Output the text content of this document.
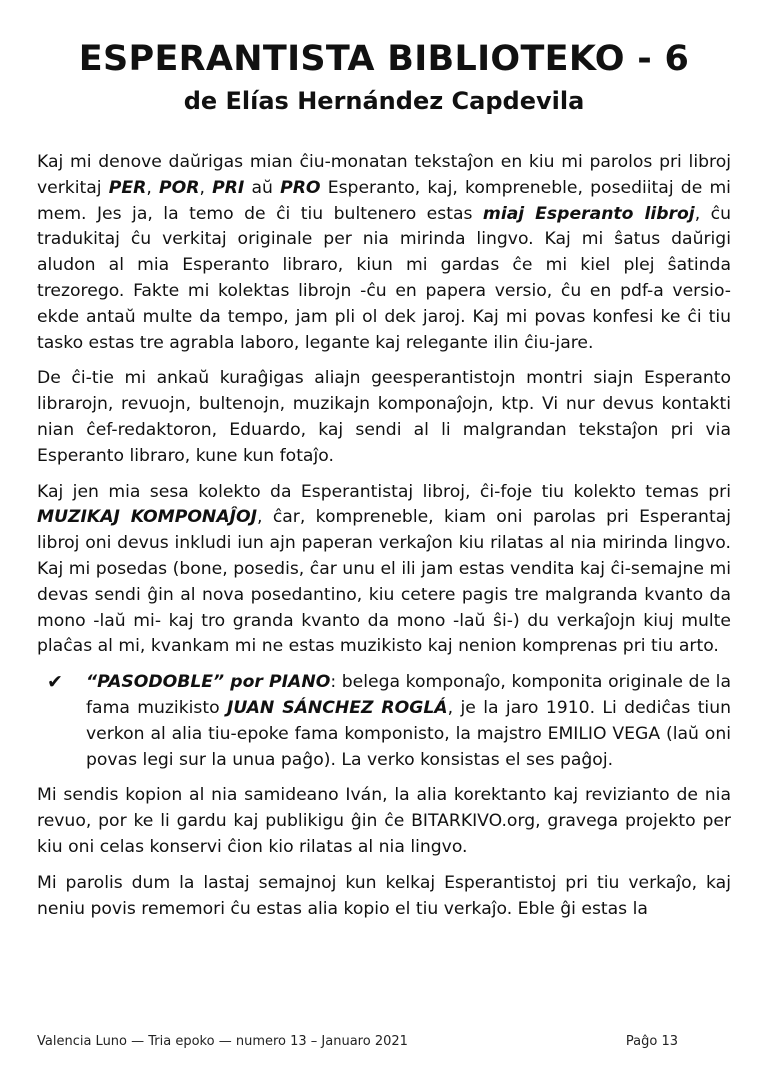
ESPERANTISTA BIBLIOTEKO - 6
de Elías Hernández Capdevila

Kaj mi denove daŭrigas mian ĉiu-monatan tekstaĵon en kiu mi parolos pri libroj verkitaj PER, POR, PRI aŭ PRO Esperanto, kaj, kompreneble, posediitaj de mi mem. Jes ja, la temo de ĉi tiu bultenero estas miaj Esperanto libroj, ĉu tradukitaj ĉu verkitaj originale per nia mirinda lingvo. Kaj mi ŝatus daŭrigi aludon al mia Esperanto libraro, kiun mi gardas ĉe mi kiel plej ŝatinda trezorego. Fakte mi kolektas librojn -ĉu en papera versio, ĉu en pdf-a versio- ekde antaŭ multe da tempo, jam pli ol dek jaroj. Kaj mi povas konfesi ke ĉi tiu tasko estas tre agrabla laboro, legante kaj relegante ilin ĉiu-jare.

De ĉi-tie mi ankaŭ kuraĝigas aliajn geesperantistojn montri siajn Esperanto librarojn, revuojn, bultenojn, muzikajn komponaĵojn, ktp. Vi nur devus kontakti nian ĉef-redaktoron, Eduardo, kaj sendi al li malgrandan tekstaĵon pri via Esperanto libraro, kune kun fotaĵo.

Kaj jen mia sesa kolekto da Esperantistaj libroj, ĉi-foje tiu kolekto temas pri MUZIKAJ KOMPONAĴOJ, ĉar, kompreneble, kiam oni parolas pri Esperantaj libroj oni devus inkludi iun ajn paperan verkaĵon kiu rilatas al nia mirinda lingvo. Kaj mi posedas (bone, posedis, ĉar unu el ili jam estas vendita kaj ĉi-semajne mi devas sendi ĝin al nova posedantino, kiu cetere pagis tre malgranda kvanto da mono -laŭ mi- kaj tro granda kvanto da mono -laŭ ŝi-) du verkaĵojn kiuj multe plaĉas al mi, kvankam mi ne estas muzikisto kaj nenion komprenas pri tiu arto.

✔ “PASODOBLE” por PIANO: belega komponaĵo, komponita originale de la fama muzikisto JUAN SÁNCHEZ ROGLÁ, je la jaro 1910. Li dediĉas tiun verkon al alia tiu-epoke fama komponisto, la majstro EMILIO VEGA (laŭ oni povas legi sur la unua paĝo). La verko konsistas el ses paĝoj.

Mi sendis kopion al nia samideano Iván, la alia korektanto kaj revizianto de nia revuo, por ke li gardu kaj publikigu ĝin ĉe BITARKIVO.org, gravega projekto per kiu oni celas konservi ĉion kio rilatas al nia lingvo.

Mi parolis dum la lastaj semajnoj kun kelkaj Esperantistoj pri tiu verkaĵo, kaj neniu povis rememori ĉu estas alia kopio el tiu verkaĵo. Eble ĝi estas la

Valencia Luno — Tria epoko — numero 13 – Januaro 2021	Paĝo 13
